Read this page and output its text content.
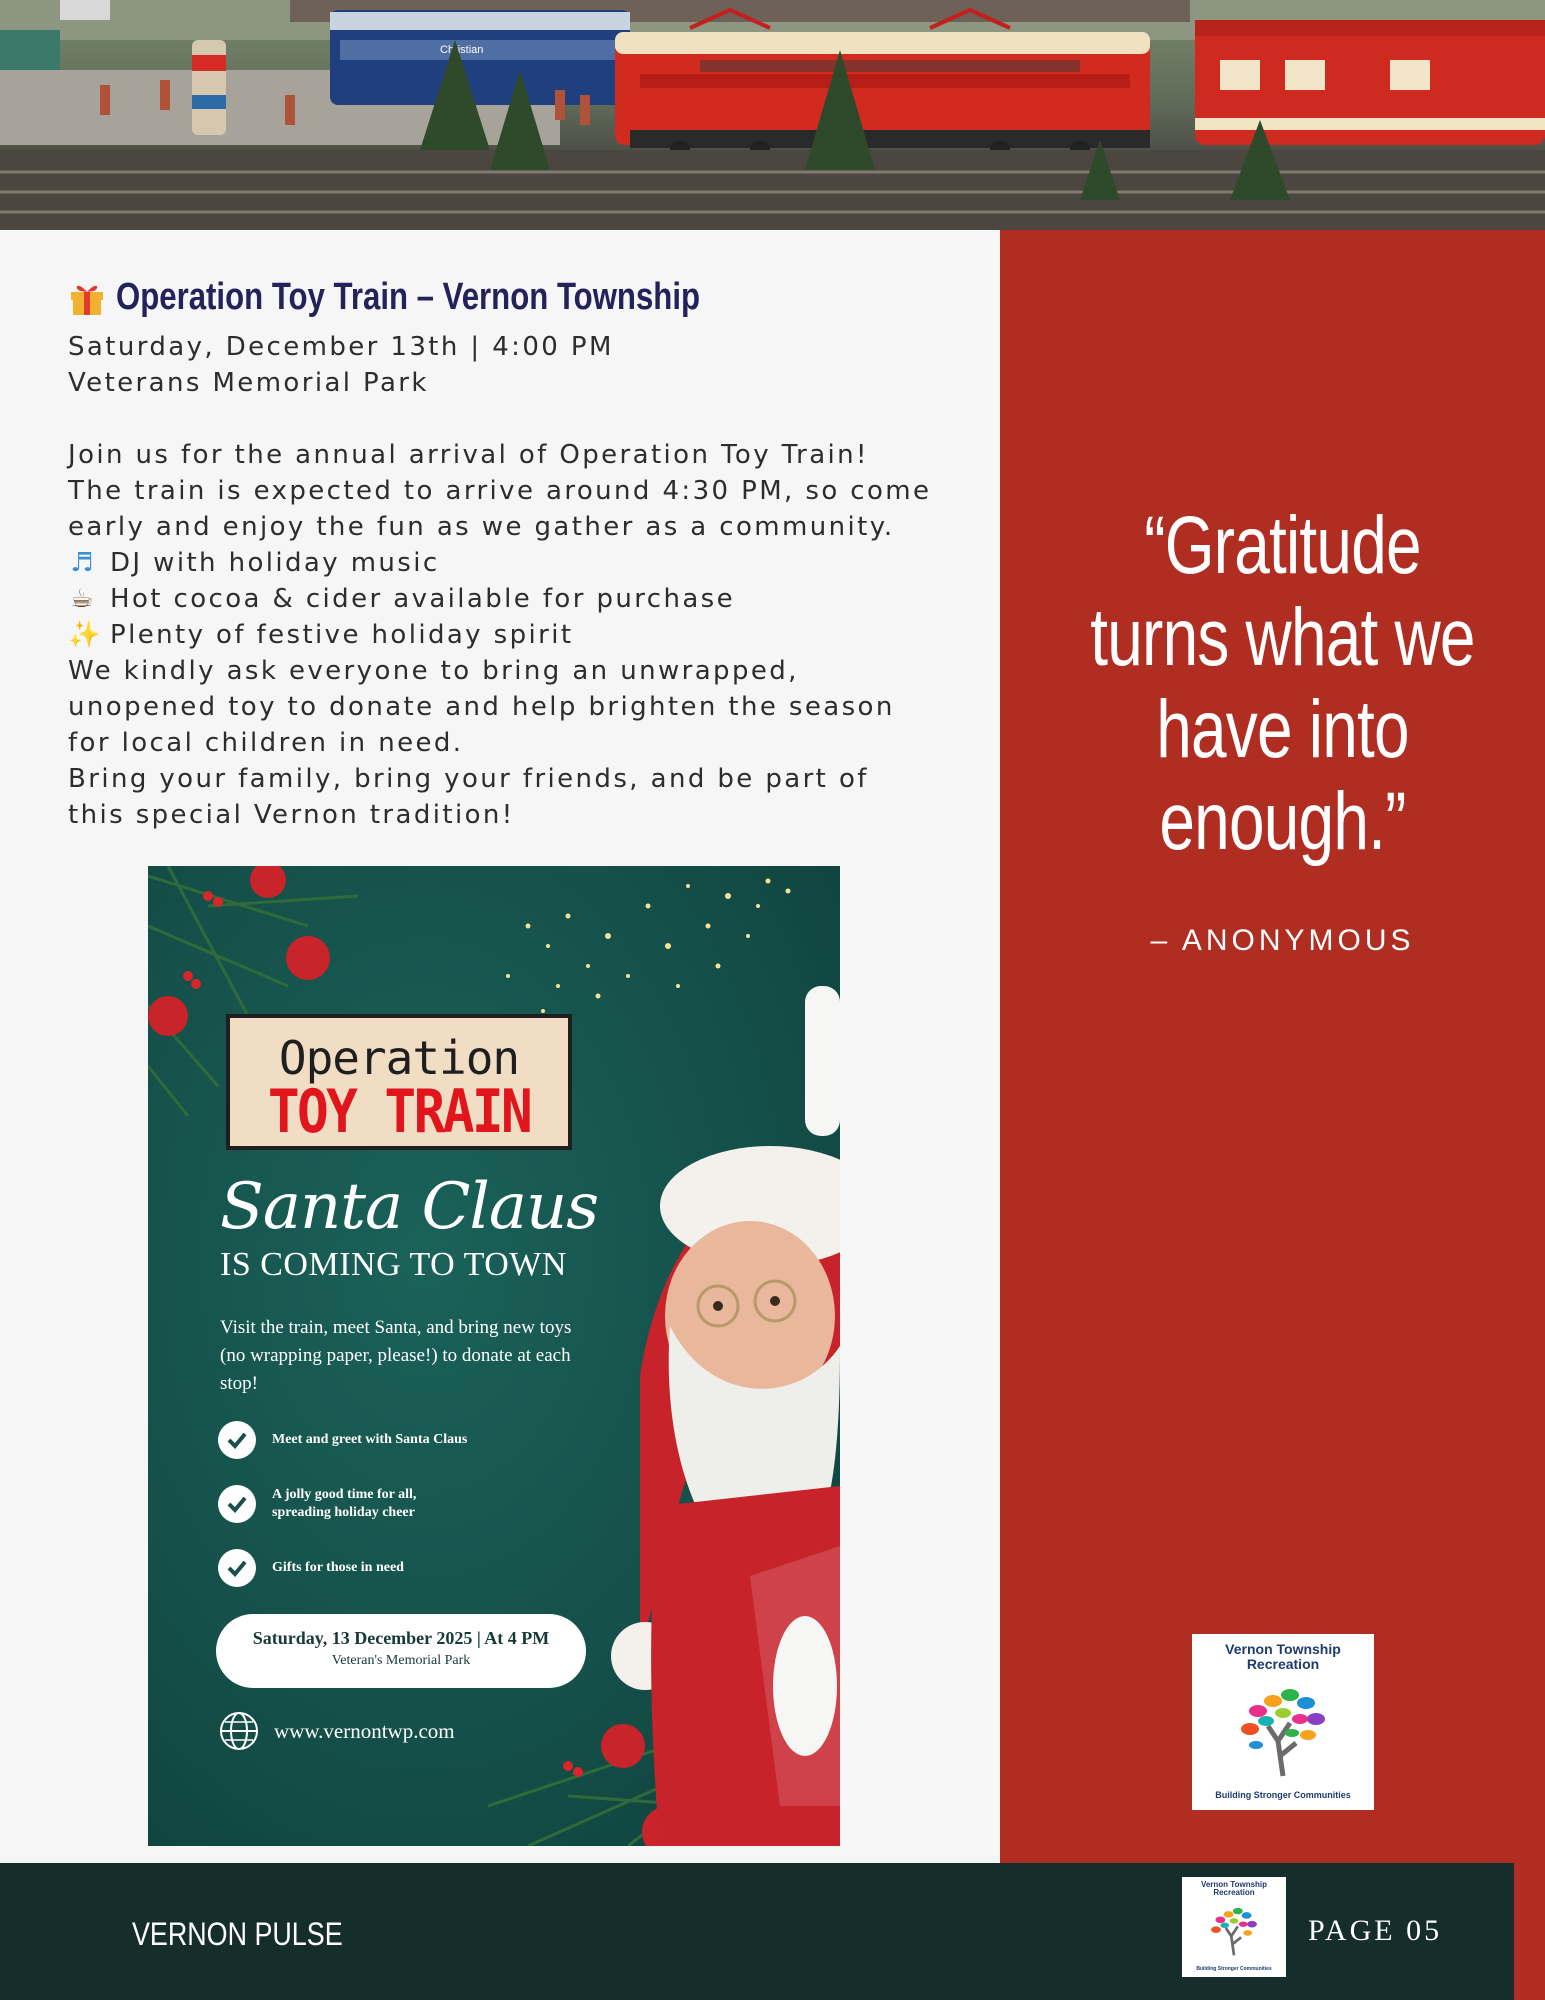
Christian
Operation Toy Train – Vernon Township
Saturday, December 13th | 4:00 PM
Veterans Memorial Park
Join us for the annual arrival of Operation Toy Train!
The train is expected to arrive around 4:30 PM, so come
early and enjoy the fun as we gather as a community.
♬ DJ with holiday music
☕ Hot cocoa & cider available for purchase
✨ Plenty of festive holiday spirit
We kindly ask everyone to bring an unwrapped,
unopened toy to donate and help brighten the season
for local children in need.
Bring your family, bring your friends, and be part of
this special Vernon tradition!
Operation
TOY TRAIN
Santa Claus
IS COMING TO TOWN
Visit the train, meet Santa, and bring new toys (no wrapping paper, please!) to donate at each stop!
Meet and greet with Santa Claus
A jolly good time for all, spreading holiday cheer
Gifts for those in need
Saturday, 13 December 2025 | At 4 PM
Veteran's Memorial Park
www.vernontwp.com
“Gratitude turns what we have into enough.”
– ANONYMOUS
Vernon Township Recreation
Building Stronger Communities
VERNON PULSE
Vernon Township Recreation
Building Stronger Communities
PAGE 05
